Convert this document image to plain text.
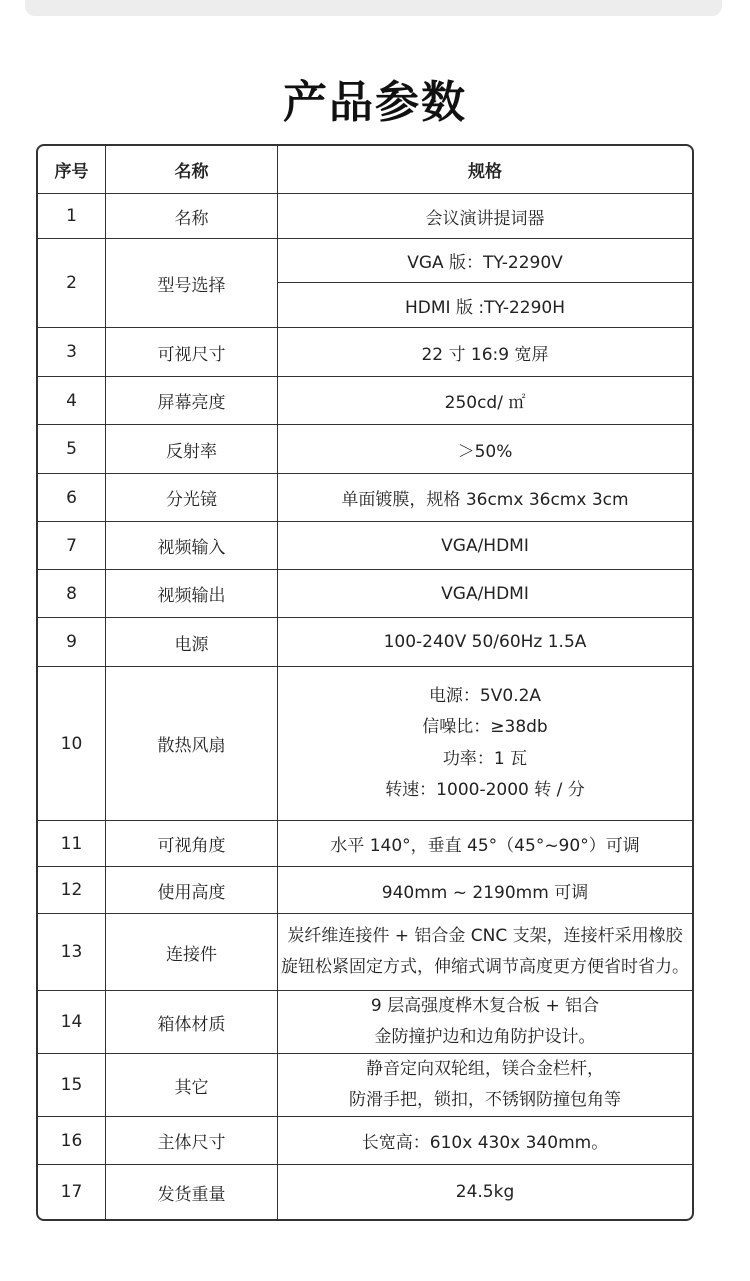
产品参数
序号	名称	规格
1	名称	会议演讲提词器
2	型号选择	VGA 版：TY-2290V
		HDMI 版 :TY-2290H
3	可视尺寸	22 寸 16:9 宽屏
4	屏幕亮度	250cd/ ㎡
5	反射率	＞50%
6	分光镜	单面镀膜，规格 36cmx 36cmx 3cm
7	视频输入	VGA/HDMI
8	视频输出	VGA/HDMI
9	电源	100-240V 50/60Hz 1.5A
10	散热风扇	电源：5V0.2A
信噪比：≥38db
功率：1 瓦
转速：1000-2000 转 / 分

11	可视角度	水平 140°，垂直 45°（45°~90°）可调
12	使用高度	940mm ~ 2190mm 可调
13	连接件	炭纤维连接件 + 铝合金 CNC 支架，连接杆采用橡胶
旋钮松紧固定方式，伸缩式调节高度更方便省时省力。

14	箱体材质	9 层高强度桦木复合板 + 铝合
金防撞护边和边角防护设计。

15	其它	静音定向双轮组，镁合金栏杆，
防滑手把，锁扣，不锈钢防撞包角等

16	主体尺寸	长宽高：610x 430x 340mm。
17	发货重量	24.5kg
